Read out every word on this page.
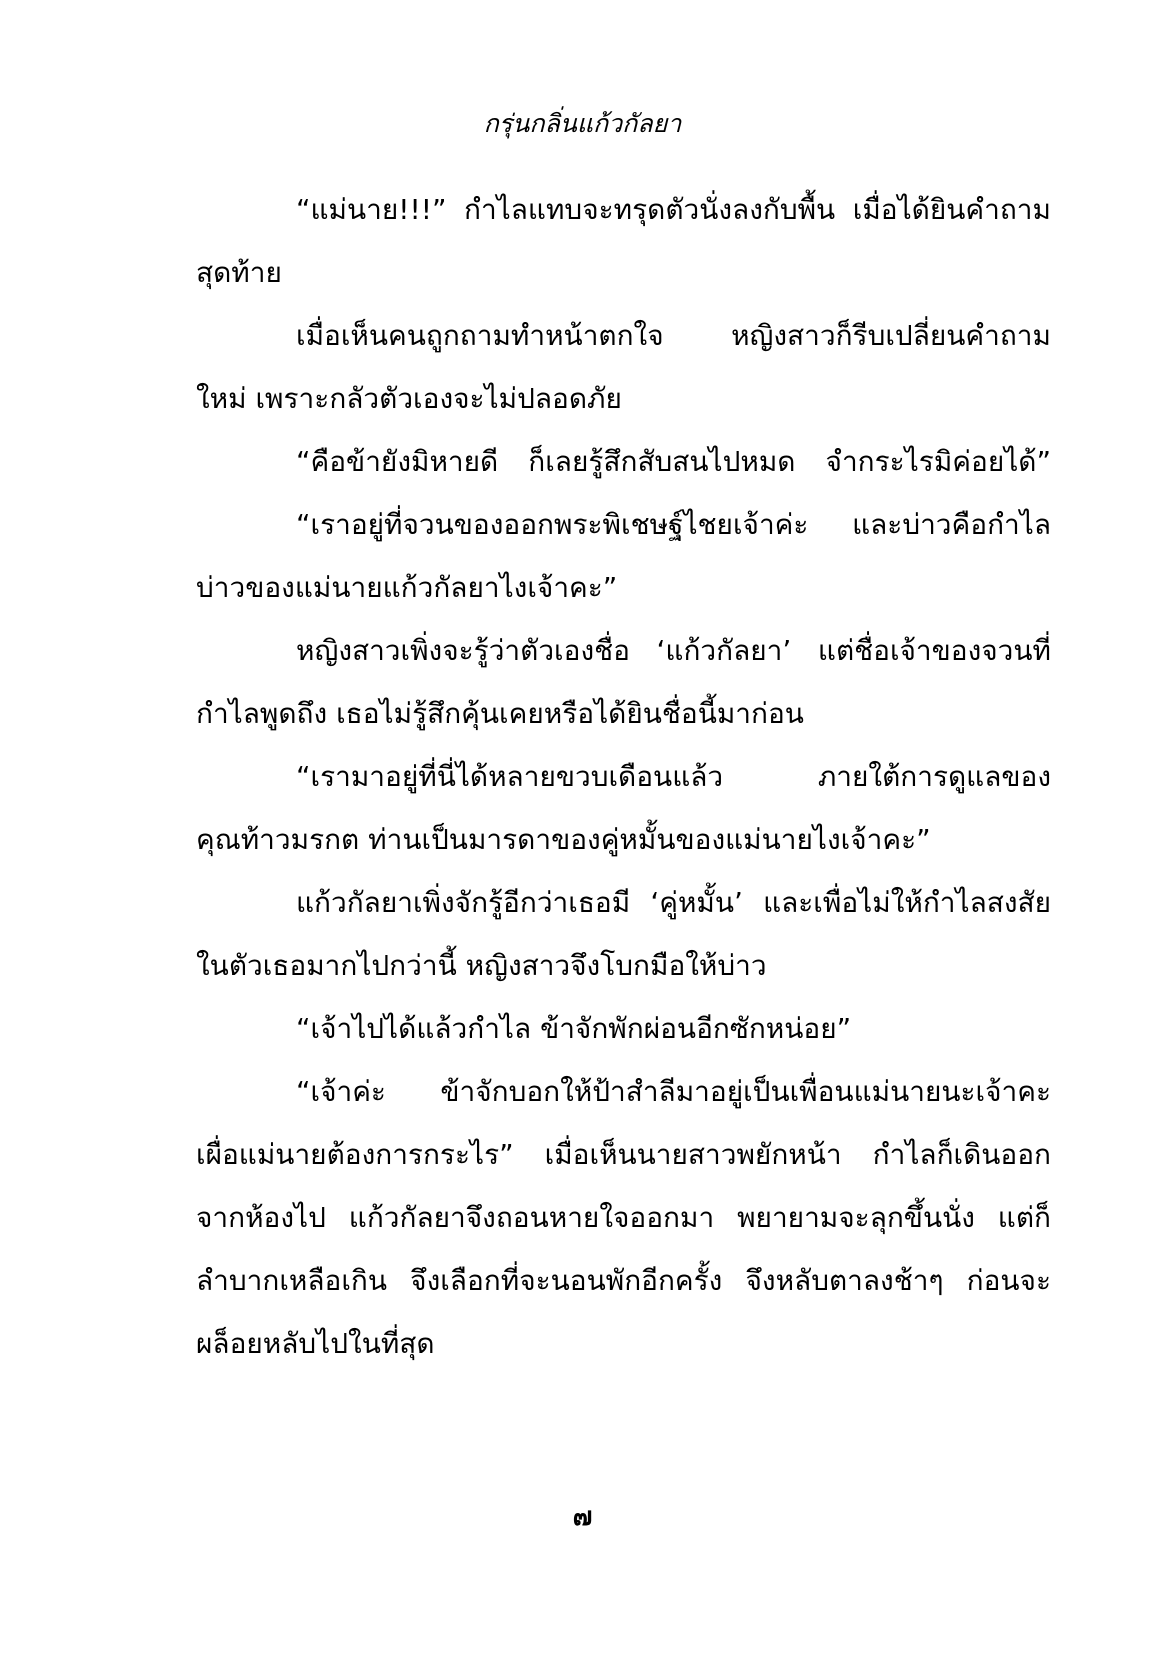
กรุ่นกลิ่นแก้วกัลยา
“แม่นาย!!!” กำไลแทบจะทรุดตัวนั่งลงกับพื้น เมื่อได้ยินคำถาม
สุดท้าย
เมื่อเห็นคนถูกถามทำหน้าตกใจ หญิงสาวก็รีบเปลี่ยนคำถาม
ใหม่ เพราะกลัวตัวเองจะไม่ปลอดภัย
“คือข้ายังมิหายดี ก็เลยรู้สึกสับสนไปหมด จำกระไรมิค่อยได้”
“เราอยู่ที่จวนของออกพระพิเชษฐ์ไชยเจ้าค่ะ และบ่าวคือกำไล
บ่าวของแม่นายแก้วกัลยาไงเจ้าคะ”
หญิงสาวเพิ่งจะรู้ว่าตัวเองชื่อ ‘แก้วกัลยา’ แต่ชื่อเจ้าของจวนที่
กำไลพูดถึง เธอไม่รู้สึกคุ้นเคยหรือได้ยินชื่อนี้มาก่อน
“เรามาอยู่ที่นี่ได้หลายขวบเดือนแล้ว ภายใต้การดูแลของ
คุณท้าวมรกต ท่านเป็นมารดาของคู่หมั้นของแม่นายไงเจ้าคะ”
แก้วกัลยาเพิ่งจักรู้อีกว่าเธอมี ‘คู่หมั้น’ และเพื่อไม่ให้กำไลสงสัย
ในตัวเธอมากไปกว่านี้ หญิงสาวจึงโบกมือให้บ่าว
“เจ้าไปได้แล้วกำไล ข้าจักพักผ่อนอีกซักหน่อย”
“เจ้าค่ะ ข้าจักบอกให้ป้าสำลีมาอยู่เป็นเพื่อนแม่นายนะเจ้าคะ
เผื่อแม่นายต้องการกระไร” เมื่อเห็นนายสาวพยักหน้า กำไลก็เดินออก
จากห้องไป แก้วกัลยาจึงถอนหายใจออกมา พยายามจะลุกขึ้นนั่ง แต่ก็
ลำบากเหลือเกิน จึงเลือกที่จะนอนพักอีกครั้ง จึงหลับตาลงช้าๆ ก่อนจะ
ผล็อยหลับไปในที่สุด
๗
